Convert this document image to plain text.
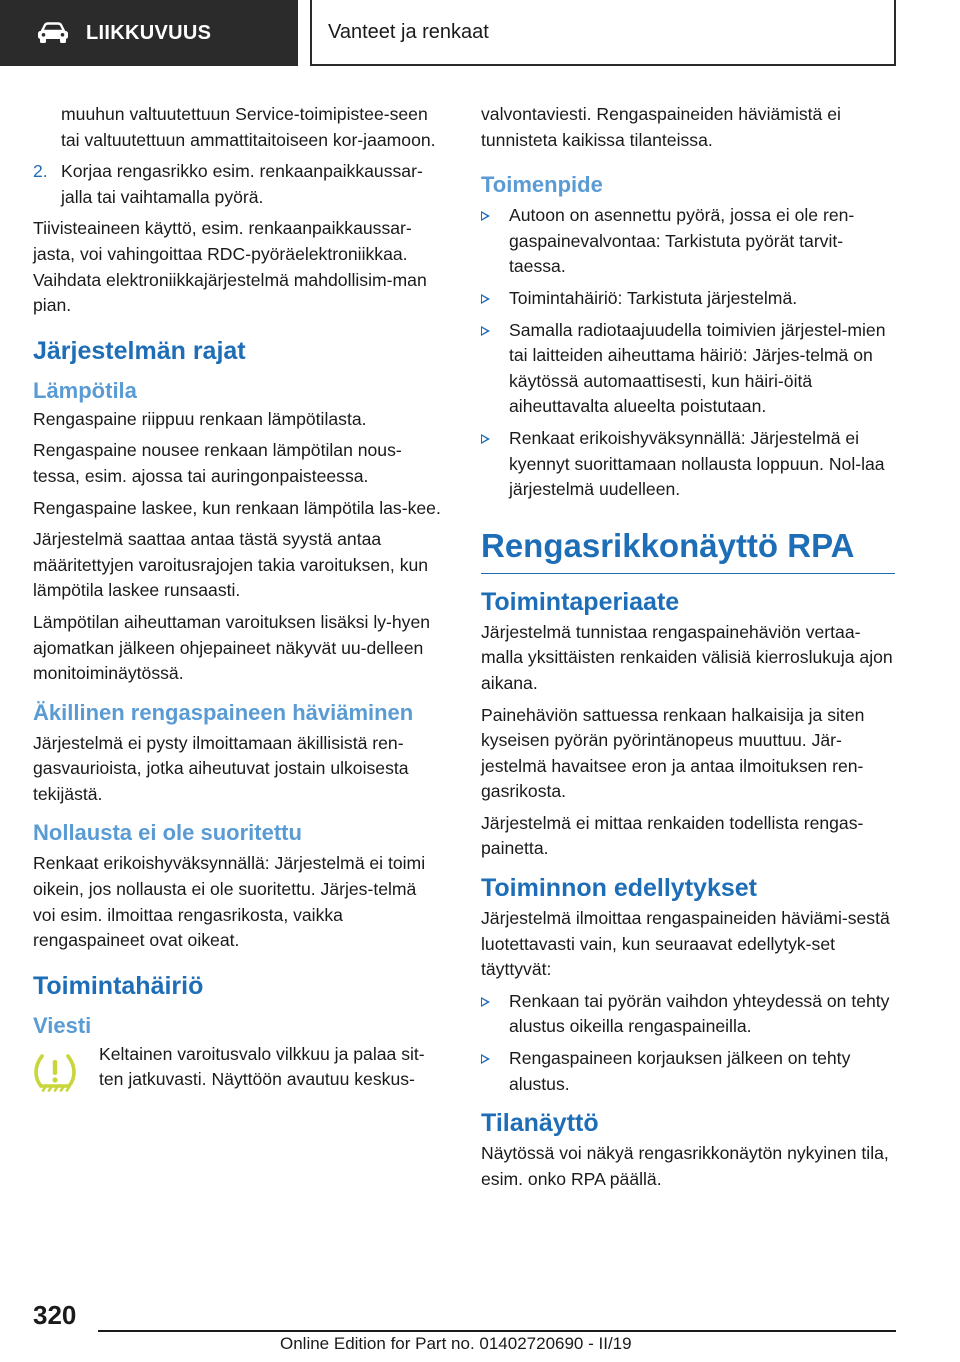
LIIKKUVUUS	Vanteet ja renkaat

muuhun valtuutettuun Service-toimipistee-seen tai valtuutettuun ammattitaitoiseen kor-jaamoon.

2. Korjaa rengasrikko esim. renkaanpaikkaussar-jalla tai vaihtamalla pyörä.

Tiivisteaineen käyttö, esim. renkaanpaikkaussar-jasta, voi vahingoittaa RDC-pyöräelektroniikkaa. Vaihdata elektroniikkajärjestelmä mahdollisim-man pian.

Järjestelmän rajat
Lämpötila

Rengaspaine riippuu renkaan lämpötilasta.

Rengaspaine nousee renkaan lämpötilan nous-tessa, esim. ajossa tai auringonpaisteessa.

Rengaspaine laskee, kun renkaan lämpötila las-kee.

Järjestelmä saattaa antaa tästä syystä antaa määritettyjen varoitusrajojen takia varoituksen, kun lämpötila laskee runsaasti.

Lämpötilan aiheuttaman varoituksen lisäksi ly-hyen ajomatkan jälkeen ohjepaineet näkyvät uu-delleen monitoiminäytössä.

Äkillinen rengaspaineen häviäminen

Järjestelmä ei pysty ilmoittamaan äkillisistä ren-gasvaurioista, jotka aiheutuvat jostain ulkoisesta tekijästä.

Nollausta ei ole suoritettu

Renkaat erikoishyväksynnällä: Järjestelmä ei toimi oikein, jos nollausta ei ole suoritettu. Järjes-telmä voi esim. ilmoittaa rengasrikosta, vaikka rengaspaineet ovat oikeat.

Toimintahäiriö
Viesti

Keltainen varoitusvalo vilkkuu ja palaa sit-ten jatkuvasti. Näyttöön avautuu keskus-

valvontaviesti. Rengaspaineiden häviämistä ei tunnisteta kaikissa tilanteissa.

Toimenpide
Autoon on asennettu pyörä, jossa ei ole ren-gaspainevalvontaa: Tarkistuta pyörät tarvit-taessa.
Toimintahäiriö: Tarkistuta järjestelmä.
Samalla radiotaajuudella toimivien järjestel-mien tai laitteiden aiheuttama häiriö: Järjes-telmä on käytössä automaattisesti, kun häiri-öitä aiheuttavalta alueelta poistutaan.
Renkaat erikoishyväksynnällä: Järjestelmä ei kyennyt suorittamaan nollausta loppuun. Nol-laa järjestelmä uudelleen.
Rengasrikkonäyttö RPA
Toimintaperiaate

Järjestelmä tunnistaa rengaspainehäviön vertaa-malla yksittäisten renkaiden välisiä kierroslukuja ajon aikana.

Painehäviön sattuessa renkaan halkaisija ja siten kyseisen pyörän pyörintänopeus muuttuu. Jär-jestelmä havaitsee eron ja antaa ilmoituksen ren-gasrikosta.

Järjestelmä ei mittaa renkaiden todellista rengas-painetta.

Toiminnon edellytykset

Järjestelmä ilmoittaa rengaspaineiden häviämi-sestä luotettavasti vain, kun seuraavat edellytyk-set täyttyvät:

Renkaan tai pyörän vaihdon yhteydessä on tehty alustus oikeilla rengaspaineilla.
Rengaspaineen korjauksen jälkeen on tehty alustus.
Tilanäyttö

Näytössä voi näkyä rengasrikkonäytön nykyinen tila, esim. onko RPA päällä.

320
Online Edition for Part no. 01402720690 - II/19
